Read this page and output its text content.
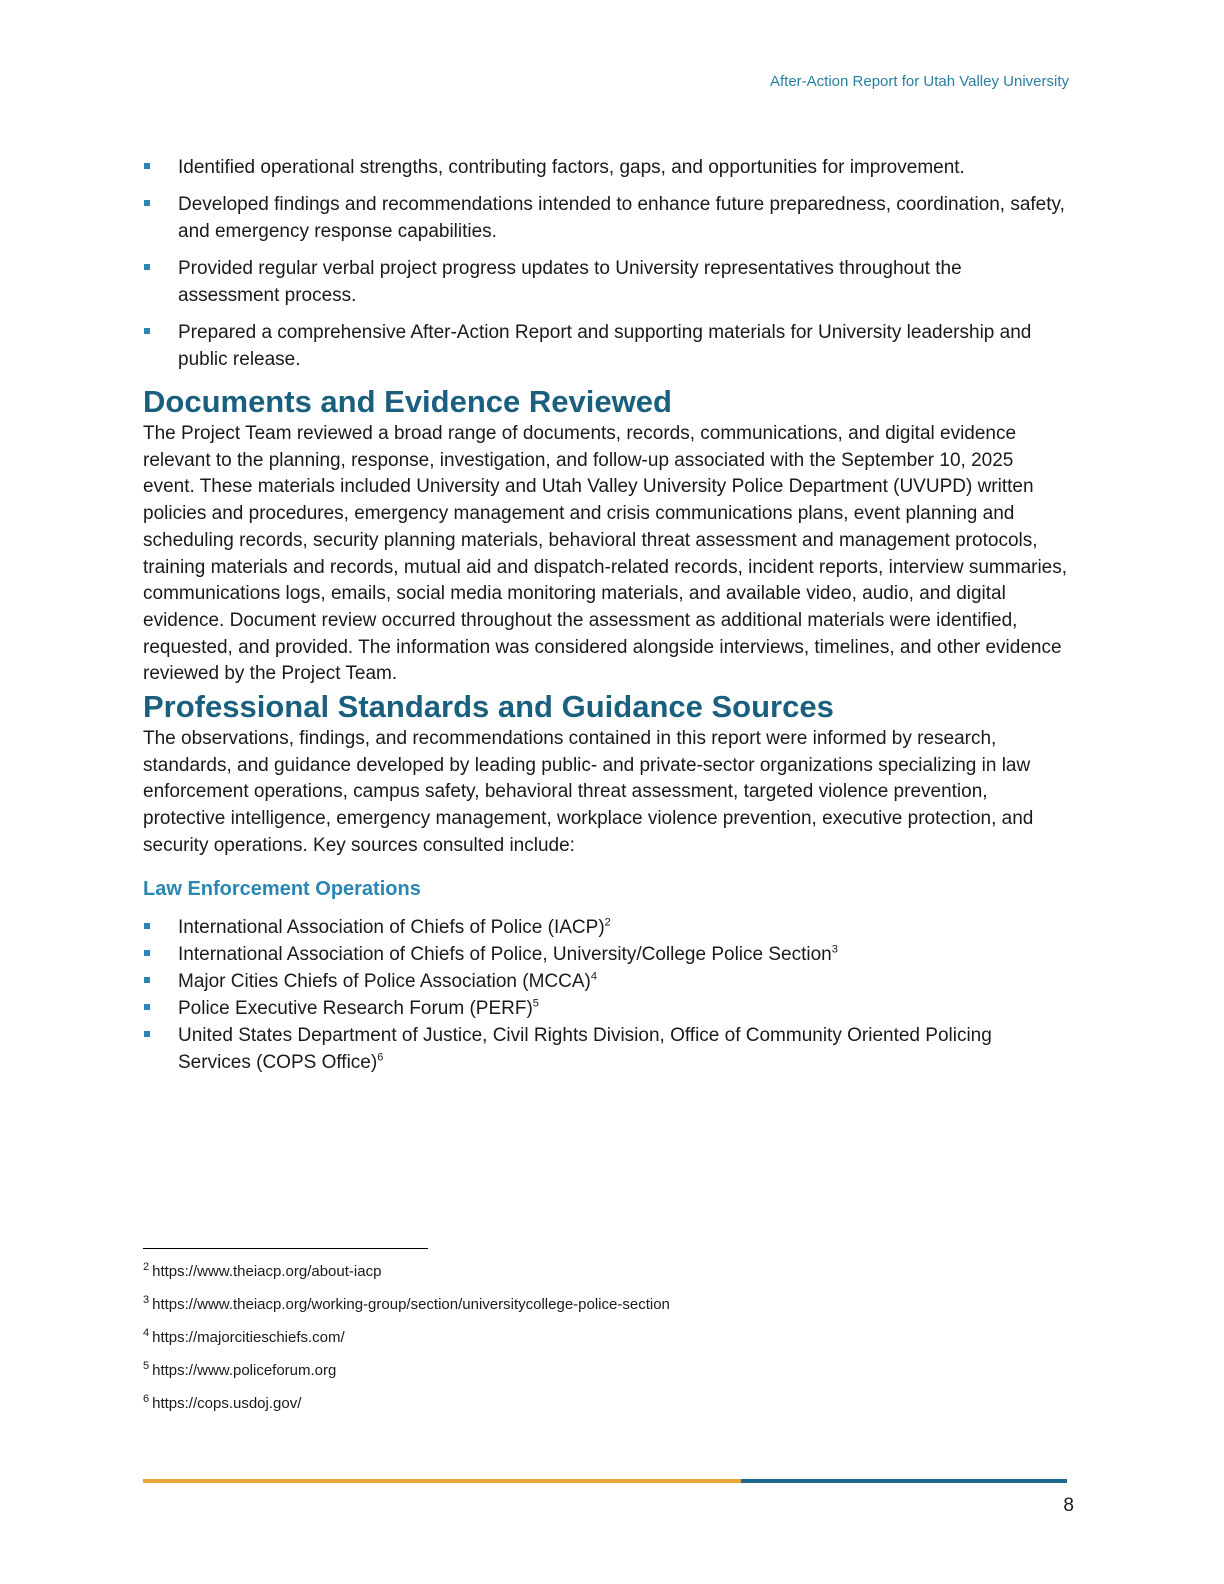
After-Action Report for Utah Valley University
Identified operational strengths, contributing factors, gaps, and opportunities for improvement.
Developed findings and recommendations intended to enhance future preparedness, coordination, safety, and emergency response capabilities.
Provided regular verbal project progress updates to University representatives throughout the assessment process.
Prepared a comprehensive After-Action Report and supporting materials for University leadership and public release.
Documents and Evidence Reviewed

The Project Team reviewed a broad range of documents, records, communications, and digital evidence relevant to the planning, response, investigation, and follow-up associated with the September 10, 2025 event. These materials included University and Utah Valley University Police Department (UVUPD) written policies and procedures, emergency management and crisis communications plans, event planning and scheduling records, security planning materials, behavioral threat assessment and management protocols, training materials and records, mutual aid and dispatch-related records, incident reports, interview summaries, communications logs, emails, social media monitoring materials, and available video, audio, and digital evidence. Document review occurred throughout the assessment as additional materials were identified, requested, and provided. The information was considered alongside interviews, timelines, and other evidence reviewed by the Project Team.

Professional Standards and Guidance Sources

The observations, findings, and recommendations contained in this report were informed by research, standards, and guidance developed by leading public- and private-sector organizations specializing in law enforcement operations, campus safety, behavioral threat assessment, targeted violence prevention, protective intelligence, emergency management, workplace violence prevention, executive protection, and security operations. Key sources consulted include:

Law Enforcement Operations
International Association of Chiefs of Police (IACP)$^2$
International Association of Chiefs of Police, University/College Police Section$^3$
Major Cities Chiefs of Police Association (MCCA)$^4$
Police Executive Research Forum (PERF)$^5$
United States Department of Justice, Civil Rights Division, Office of Community Oriented Policing Services (COPS Office)$^6$
$^2$ https://www.theiacp.org/about-iacp
$^3$ https://www.theiacp.org/working-group/section/universitycollege-police-section
$^4$ https://majorcitieschiefs.com/
$^5$ https://www.policeforum.org
$^6$ https://cops.usdoj.gov/
8
